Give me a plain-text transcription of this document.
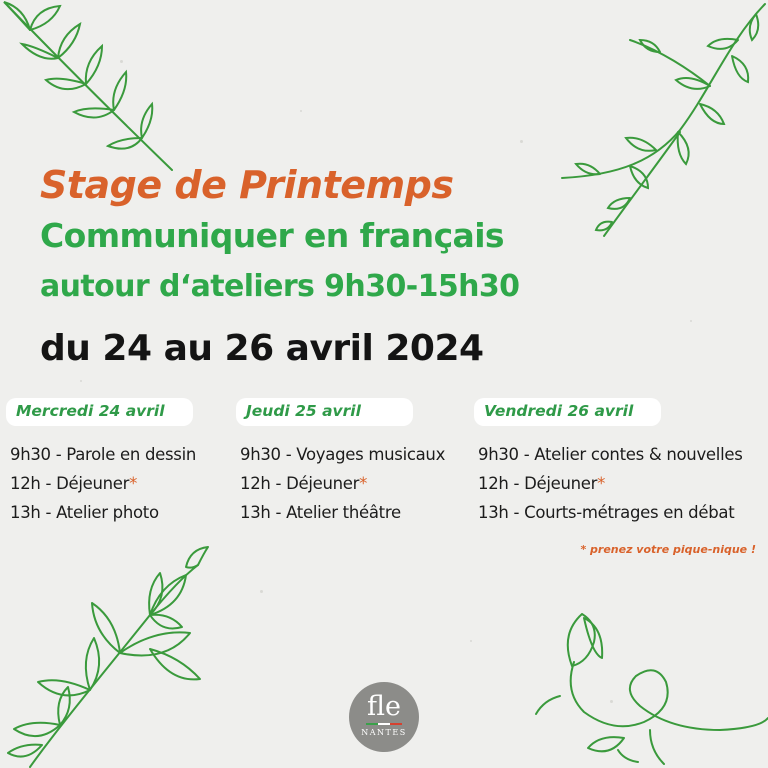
Stage de Printemps
Communiquer en français
autour d‘ateliers 9h30-15h30
du 24 au 26 avril 2024
Mercredi 24 avril
9h30 - Parole en dessin
12h - Déjeuner*
13h - Atelier photo
Jeudi 25 avril
9h30 - Voyages musicaux
12h - Déjeuner*
13h - Atelier théâtre
Vendredi 26 avril
9h30 - Atelier contes & nouvelles
12h - Déjeuner*
13h - Courts-métrages en débat
* prenez votre pique-nique !
fle
NANTES
